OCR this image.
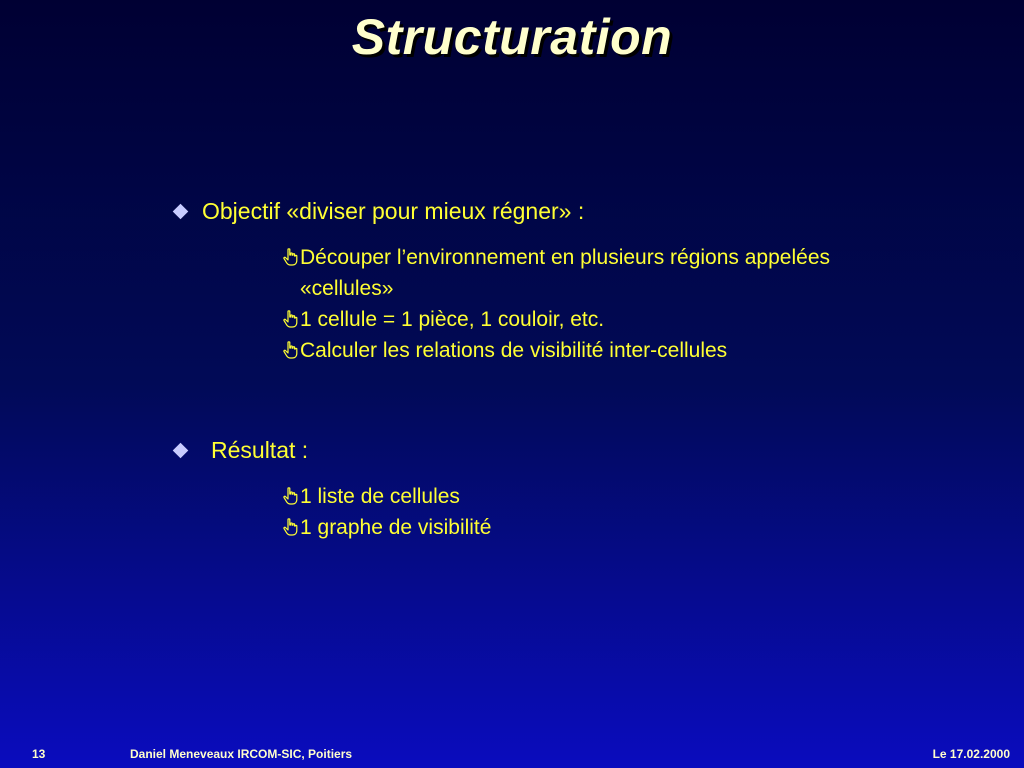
Structuration
Objectif «diviser pour mieux régner» :
Découper l’environnement en plusieurs régions appelées
«cellules»
1 cellule = 1 pièce, 1 couloir, etc.
Calculer les relations de visibilité inter-cellules
Résultat :
1 liste de cellules
1 graphe de visibilité
13	Daniel Meneveaux IRCOM-SIC, Poitiers	Le 17.02.2000
